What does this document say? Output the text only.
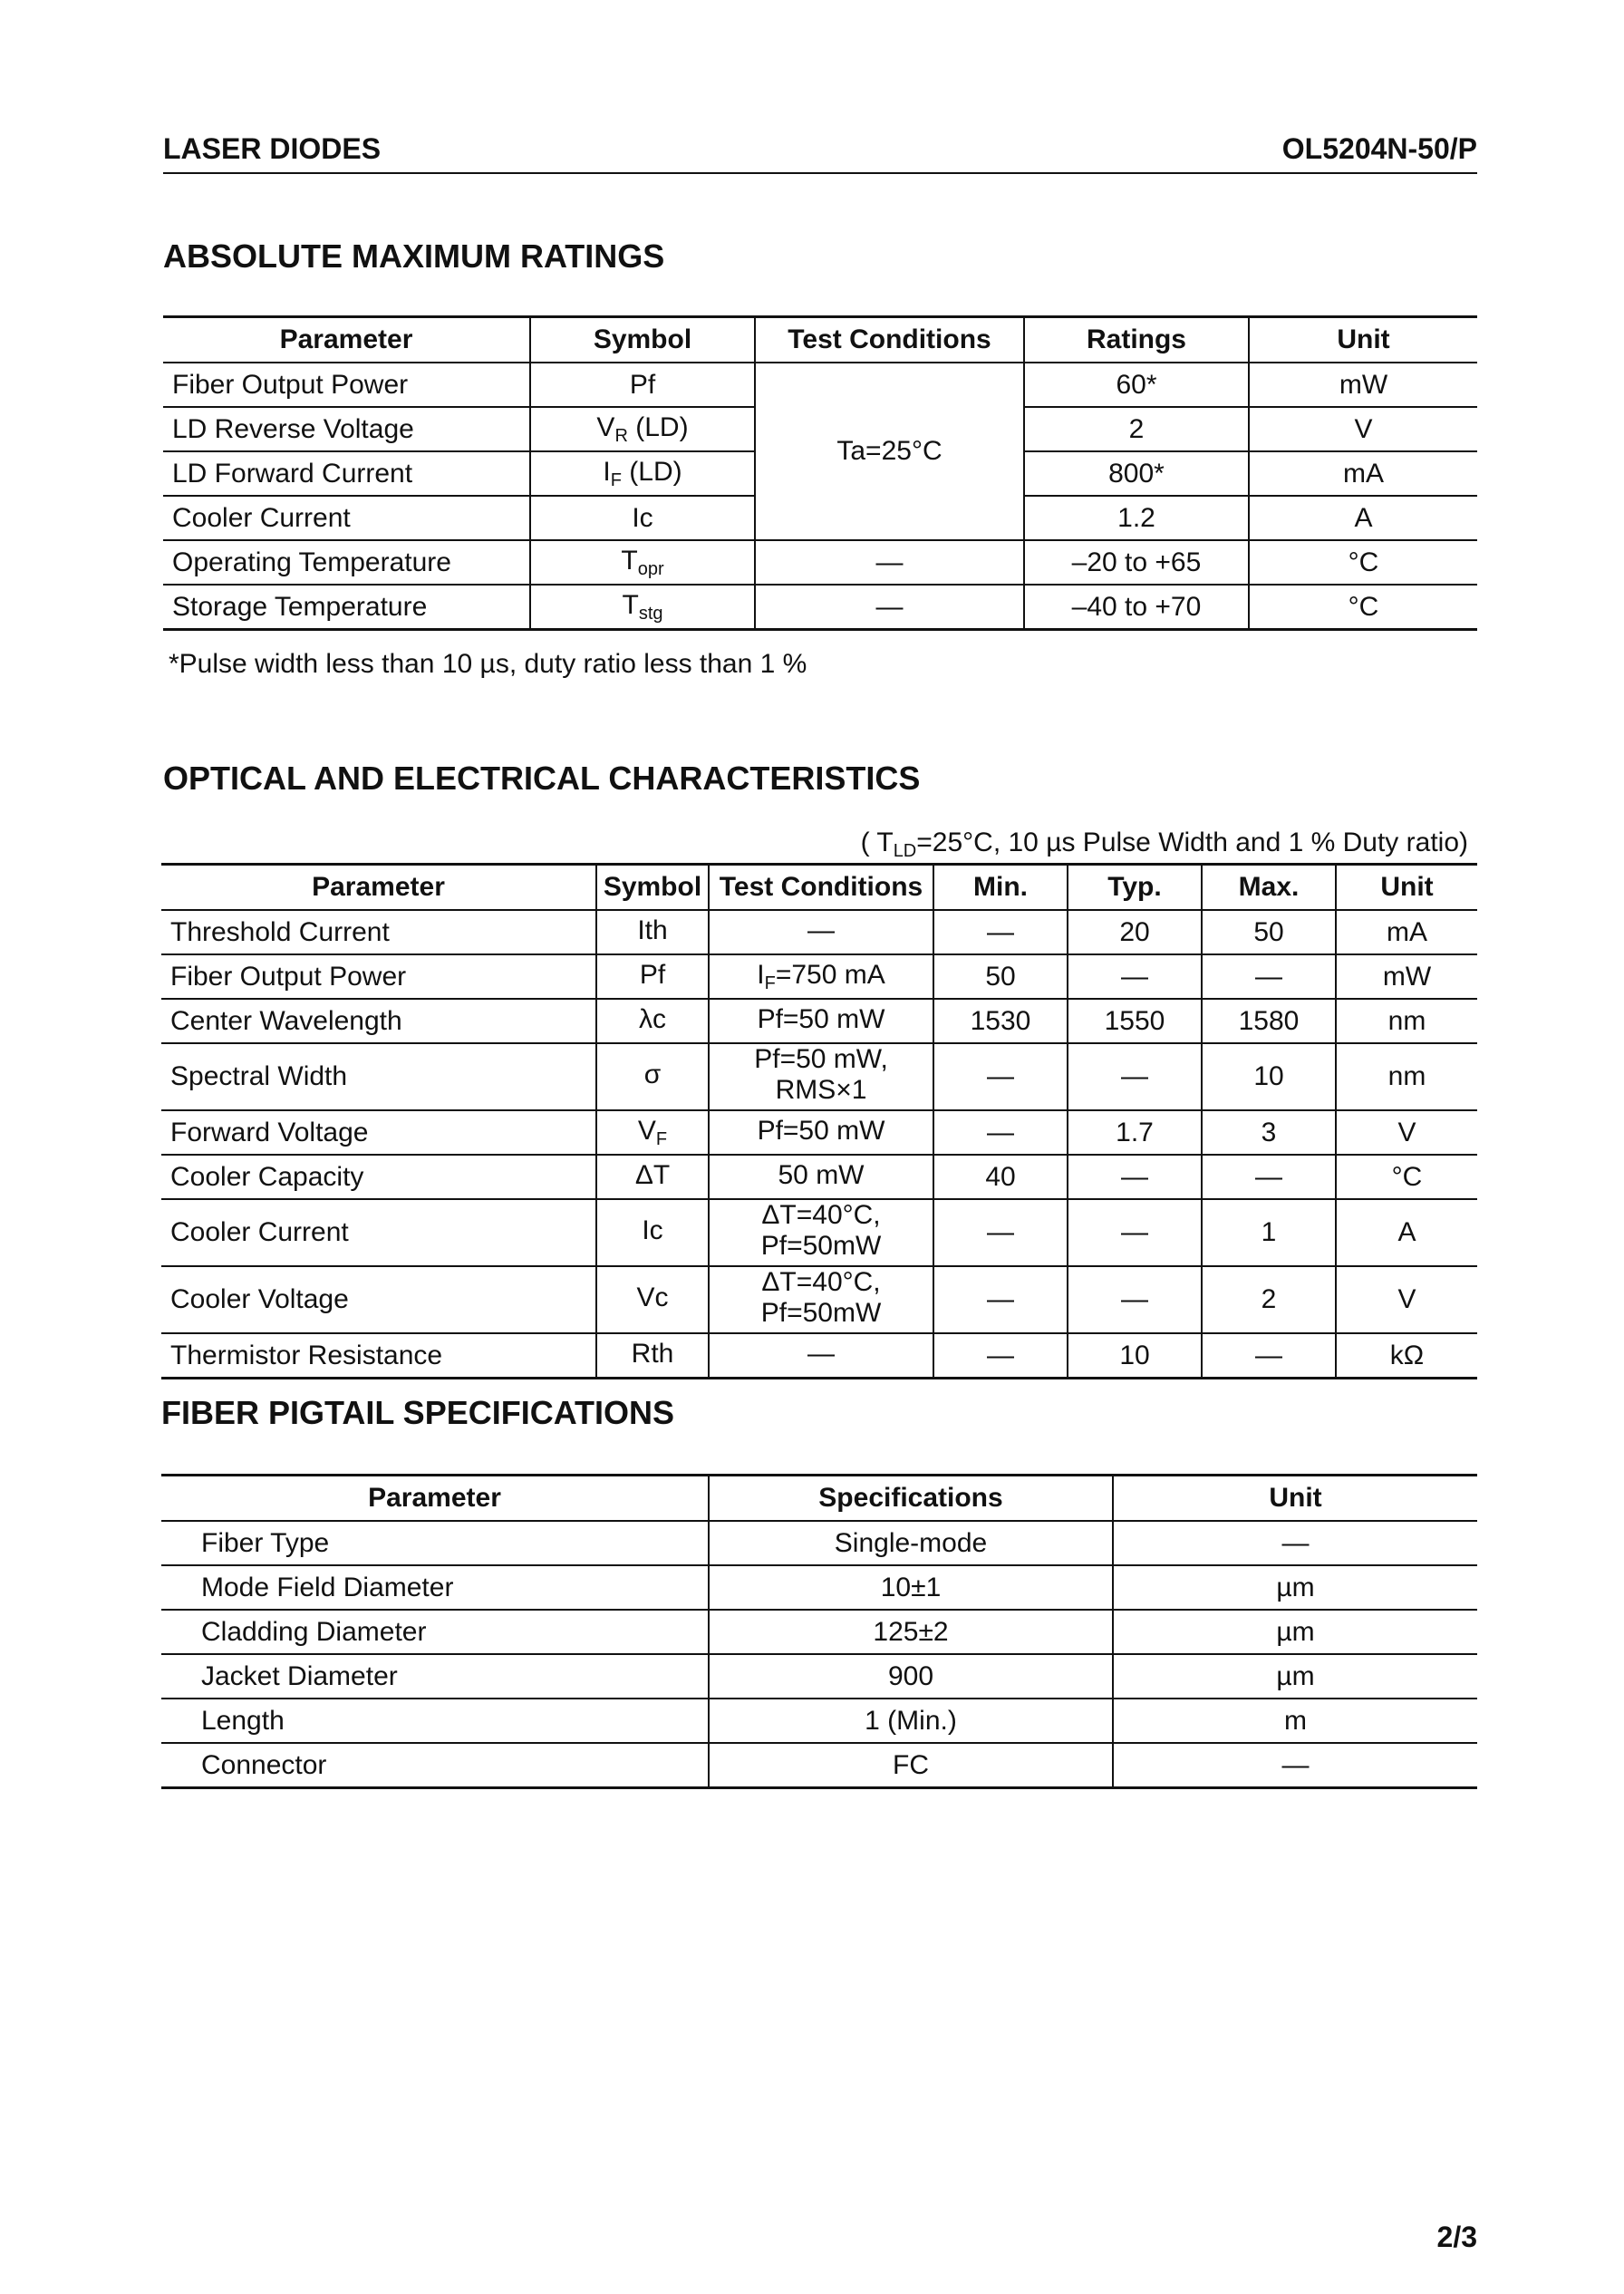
LASER DIODES	OL5204N-50/P
ABSOLUTE MAXIMUM RATINGS
Parameter	Symbol	Test Conditions	Ratings	Unit
Fiber Output Power	Pf	Ta=25°C	60*	mW
LD Reverse Voltage	$V_R$ (LD)		2	V
LD Forward Current	$I_F$ (LD)		800*	mA
Cooler Current	Ic		1.2	A
Operating Temperature	$T_{opr}$	—	–20 to +65	°C
Storage Temperature	$T_{stg}$	—	–40 to +70	°C
*Pulse width less than 10 µs, duty ratio less than 1 %
OPTICAL AND ELECTRICAL CHARACTERISTICS
( $T_{LD}=25^\circ C$, 10 µs Pulse Width and 1 % Duty ratio)
Parameter	Symbol	Test Conditions	Min.	Typ.	Max.	Unit
Threshold Current	Ith	—	—	20	50	mA
Fiber Output Power	Pf	$I_F=750$ mA	50	—	—	mW
Center Wavelength	λc	Pf=50 mW	1530	1550	1580	nm
Spectral Width	σ	Pf=50 mW, RMS×1	—	—	10	nm
Forward Voltage	$V_F$	Pf=50 mW	—	1.7	3	V
Cooler Capacity	ΔT	50 mW	40	—	—	°C
Cooler Current	Ic	ΔT=40°C, Pf=50mW	—	—	1	A
Cooler Voltage	Vc	ΔT=40°C, Pf=50mW	—	—	2	V
Thermistor Resistance	Rth	—	—	10	—	kΩ
FIBER PIGTAIL SPECIFICATIONS
Parameter	Specifications	Unit
Fiber Type	Single-mode	—
Mode Field Diameter	10±1	µm
Cladding Diameter	125±2	µm
Jacket Diameter	900	µm
Length	1 (Min.)	m
Connector	FC	—
2/3
